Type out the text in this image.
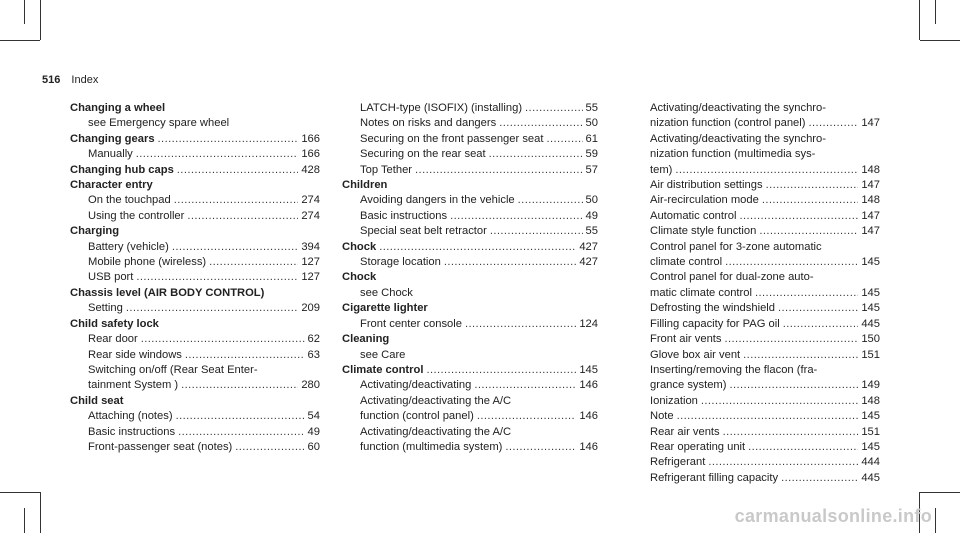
516 Index
Changing a wheel
see Emergency spare wheel
Changing gears .....	166
Manually .....	166
Changing hub caps .....	428
Character entry
On the touchpad .....	274
Using the controller .....	274
Charging
Battery (vehicle) .....	394
Mobile phone (wireless) .....	127
USB port .....	127
Chassis level (AIR BODY CONTROL)
Setting .....	209
Child safety lock
Rear door .....	62
Rear side windows .....	63
Switching on/off (Rear Seat Enter-
tainment System ) .....	280
Child seat
Attaching (notes) .....	54
Basic instructions .....	49
Front-passenger seat (notes) .....	60
LATCH-type (ISOFIX) (installing) .....	55
Notes on risks and dangers .....	50
Securing on the front passenger seat .....	61
Securing on the rear seat .....	59
Top Tether .....	57
Children
Avoiding dangers in the vehicle .....	50
Basic instructions .....	49
Special seat belt retractor .....	55
Chock .....	427
Storage location .....	427
Chock
see Chock
Cigarette lighter
Front center console .....	124
Cleaning
see Care
Climate control .....	145
Activating/deactivating .....	146
Activating/deactivating the A/C
function (control panel) .....	146
Activating/deactivating the A/C
function (multimedia system) .....	146
Activating/deactivating the synchro-
nization function (control panel) .....	147
Activating/deactivating the synchro-
nization function (multimedia sys-
tem) .....	148
Air distribution settings .....	147
Air-recirculation mode .....	148
Automatic control .....	147
Climate style function .....	147
Control panel for 3-zone automatic
climate control .....	145
Control panel for dual-zone auto-
matic climate control .....	145
Defrosting the windshield .....	145
Filling capacity for PAG oil .....	445
Front air vents .....	150
Glove box air vent .....	151
Inserting/removing the flacon (fra-
grance system) .....	149
Ionization .....	148
Note .....	145
Rear air vents .....	151
Rear operating unit .....	145
Refrigerant .....	444
Refrigerant filling capacity .....	445
carmanualsonline.info
